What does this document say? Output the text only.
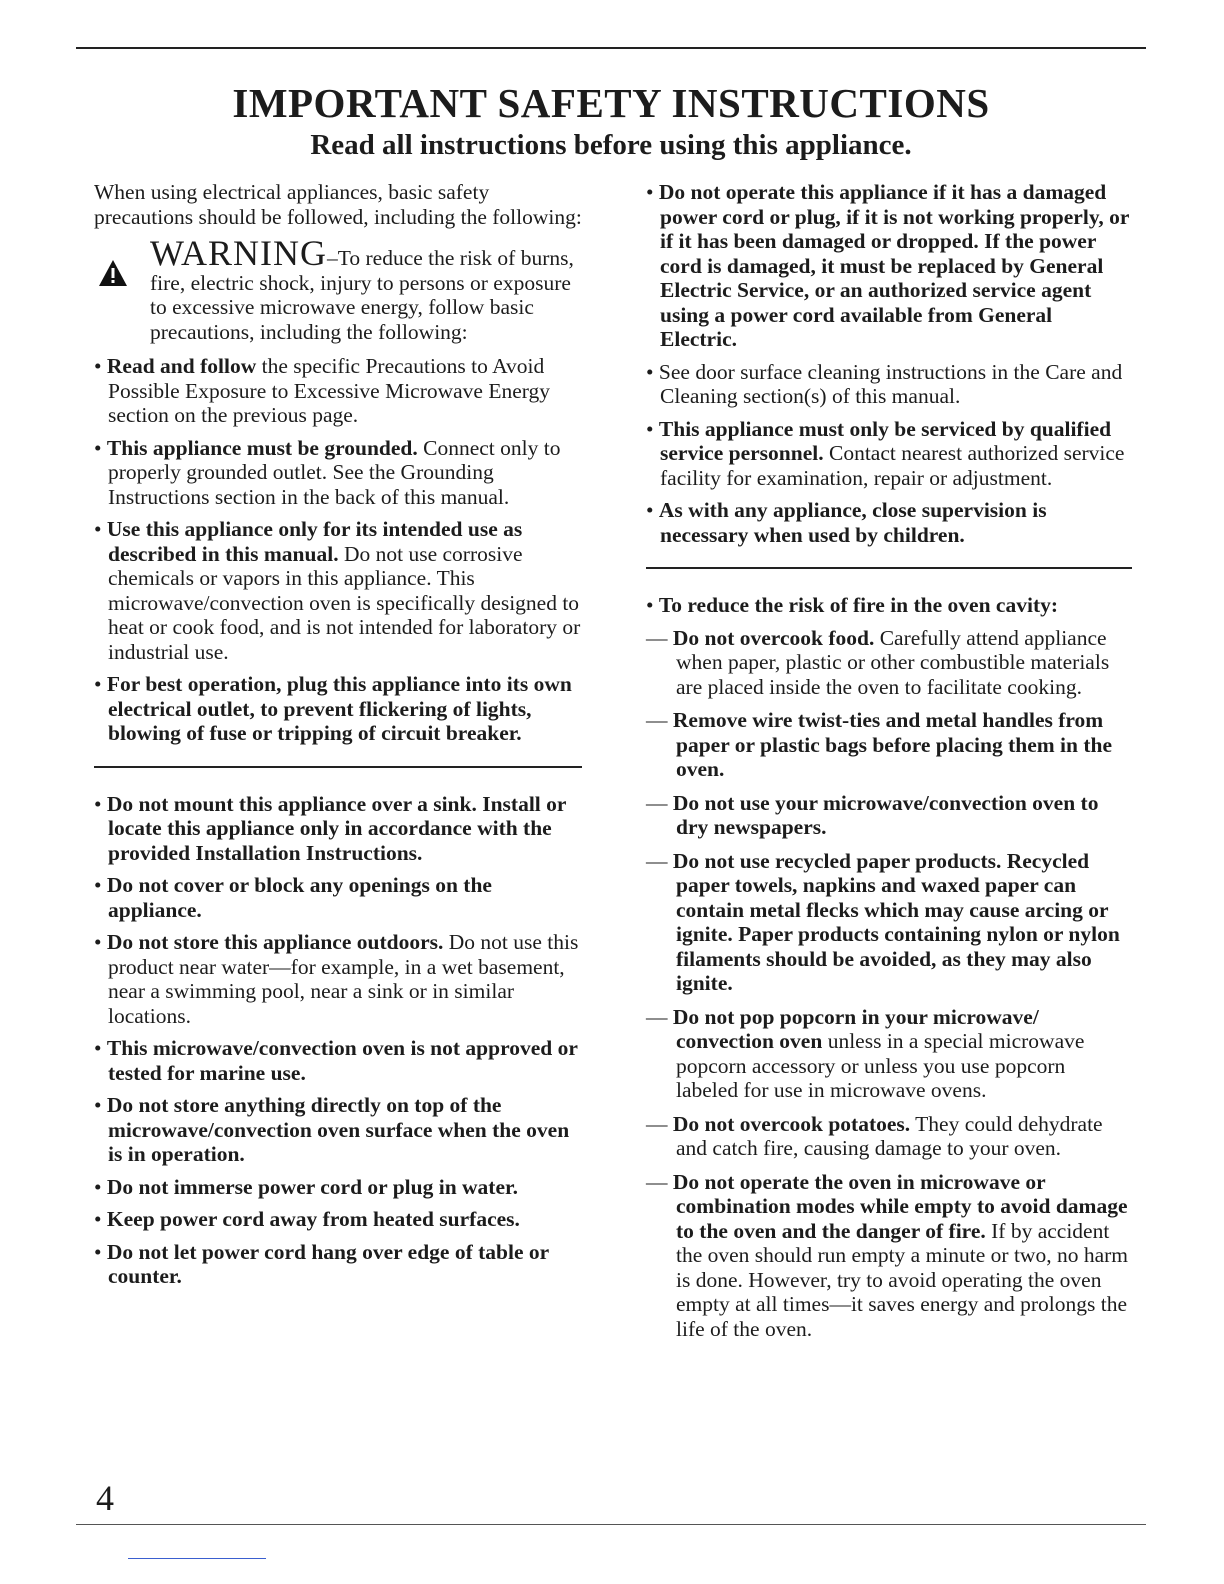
IMPORTANT SAFETY INSTRUCTIONS
Read all instructions before using this appliance.

When using electrical appliances, basic safety precautions should be followed, including the following:

WARNING–To reduce the risk of burns, fire, electric shock, injury to persons or exposure to excessive microwave energy, follow basic precautions, including the following:

• Read and follow the specific Precautions to Avoid Possible Exposure to Excessive Microwave Energy section on the previous page.

• This appliance must be grounded. Connect only to properly grounded outlet. See the Grounding Instructions section in the back of this manual.

• Use this appliance only for its intended use as described in this manual. Do not use corrosive chemicals or vapors in this appliance. This microwave/convection oven is specifically designed to heat or cook food, and is not intended for laboratory or industrial use.

• For best operation, plug this appliance into its own electrical outlet, to prevent flickering of lights, blowing of fuse or tripping of circuit breaker.

• Do not mount this appliance over a sink. Install or locate this appliance only in accordance with the provided Installation Instructions.

• Do not cover or block any openings on the appliance.

• Do not store this appliance outdoors. Do not use this product near water—for example, in a wet basement, near a swimming pool, near a sink or in similar locations.

• This microwave/convection oven is not approved or tested for marine use.

• Do not store anything directly on top of the microwave/convection oven surface when the oven is in operation.

• Do not immerse power cord or plug in water.

• Keep power cord away from heated surfaces.

• Do not let power cord hang over edge of table or counter.

• Do not operate this appliance if it has a damaged power cord or plug, if it is not working properly, or if it has been damaged or dropped. If the power cord is damaged, it must be replaced by General Electric Service, or an authorized service agent using a power cord available from General Electric.

• See door surface cleaning instructions in the Care and Cleaning section(s) of this manual.

• This appliance must only be serviced by qualified service personnel. Contact nearest authorized service facility for examination, repair or adjustment.

• As with any appliance, close supervision is necessary when used by children.

• To reduce the risk of fire in the oven cavity:

— Do not overcook food. Carefully attend appliance when paper, plastic or other combustible materials are placed inside the oven to facilitate cooking.

— Remove wire twist-ties and metal handles from paper or plastic bags before placing them in the oven.

— Do not use your microwave/convection oven to dry newspapers.

— Do not use recycled paper products. Recycled paper towels, napkins and waxed paper can contain metal flecks which may cause arcing or ignite. Paper products containing nylon or nylon filaments should be avoided, as they may also ignite.

— Do not pop popcorn in your microwave/ convection oven unless in a special microwave popcorn accessory or unless you use popcorn labeled for use in microwave ovens.

— Do not overcook potatoes. They could dehydrate and catch fire, causing damage to your oven.

— Do not operate the oven in microwave or combination modes while empty to avoid damage to the oven and the danger of fire. If by accident the oven should run empty a minute or two, no harm is done. However, try to avoid operating the oven empty at all times—it saves energy and prolongs the life of the oven.

4
